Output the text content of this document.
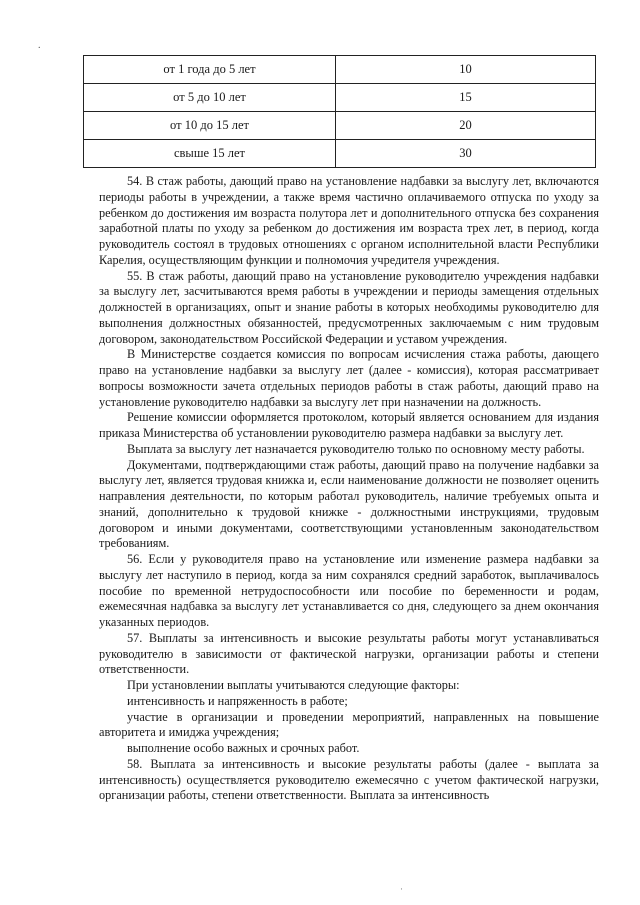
.
от 1 года до 5 лет	10
от 5 до 10 лет	15
от 10 до 15 лет	20
свыше 15 лет	30

54. В стаж работы, дающий право на установление надбавки за выслугу лет, включаются периоды работы в учреждении, а также время частично оплачиваемого отпуска по уходу за ребенком до достижения им возраста полутора лет и дополнительного отпуска без сохранения заработной платы по уходу за ребенком до достижения им возраста трех лет, в период, когда руководитель состоял в трудовых отношениях с органом исполнительной власти Республики Карелия, осуществляющим функции и полномочия учредителя учреждения.

55. В стаж работы, дающий право на установление руководителю учреждения надбавки за выслугу лет, засчитываются время работы в учреждении и периоды замещения отдельных должностей в организациях, опыт и знание работы в которых необходимы руководителю для выполнения должностных обязанностей, предусмотренных заключаемым с ним трудовым договором, законодательством Российской Федерации и уставом учреждения.

В Министерстве создается комиссия по вопросам исчисления стажа работы, дающего право на установление надбавки за выслугу лет (далее - комиссия), которая рассматривает вопросы возможности зачета отдельных периодов работы в стаж работы, дающий право на установление руководителю надбавки за выслугу лет при назначении на должность.

Решение комиссии оформляется протоколом, который является основанием для издания приказа Министерства об установлении руководителю размера надбавки за выслугу лет.

Выплата за выслугу лет назначается руководителю только по основному месту работы.

Документами, подтверждающими стаж работы, дающий право на получение надбавки за выслугу лет, является трудовая книжка и, если наименование должности не позволяет оценить направления деятельности, по которым работал руководитель, наличие требуемых опыта и знаний, дополнительно к трудовой книжке - должностными инструкциями, трудовым договором и иными документами, соответствующими установленным законодательством требованиям.

56. Если у руководителя право на установление или изменение размера надбавки за выслугу лет наступило в период, когда за ним сохранялся средний заработок, выплачивалось пособие по временной нетрудоспособности или пособие по беременности и родам, ежемесячная надбавка за выслугу лет устанавливается со дня, следующего за днем окончания указанных периодов.

57. Выплаты за интенсивность и высокие результаты работы могут устанавливаться руководителю в зависимости от фактической нагрузки, организации работы и степени ответственности.

При установлении выплаты учитываются следующие факторы:

интенсивность и напряженность в работе;

участие в организации и проведении мероприятий, направленных на повышение авторитета и имиджа учреждения;

выполнение особо важных и срочных работ.

58. Выплата за интенсивность и высокие результаты работы (далее - выплата за интенсивность) осуществляется руководителю ежемесячно с учетом фактической нагрузки, организации работы, степени ответственности. Выплата за интенсивность

·
